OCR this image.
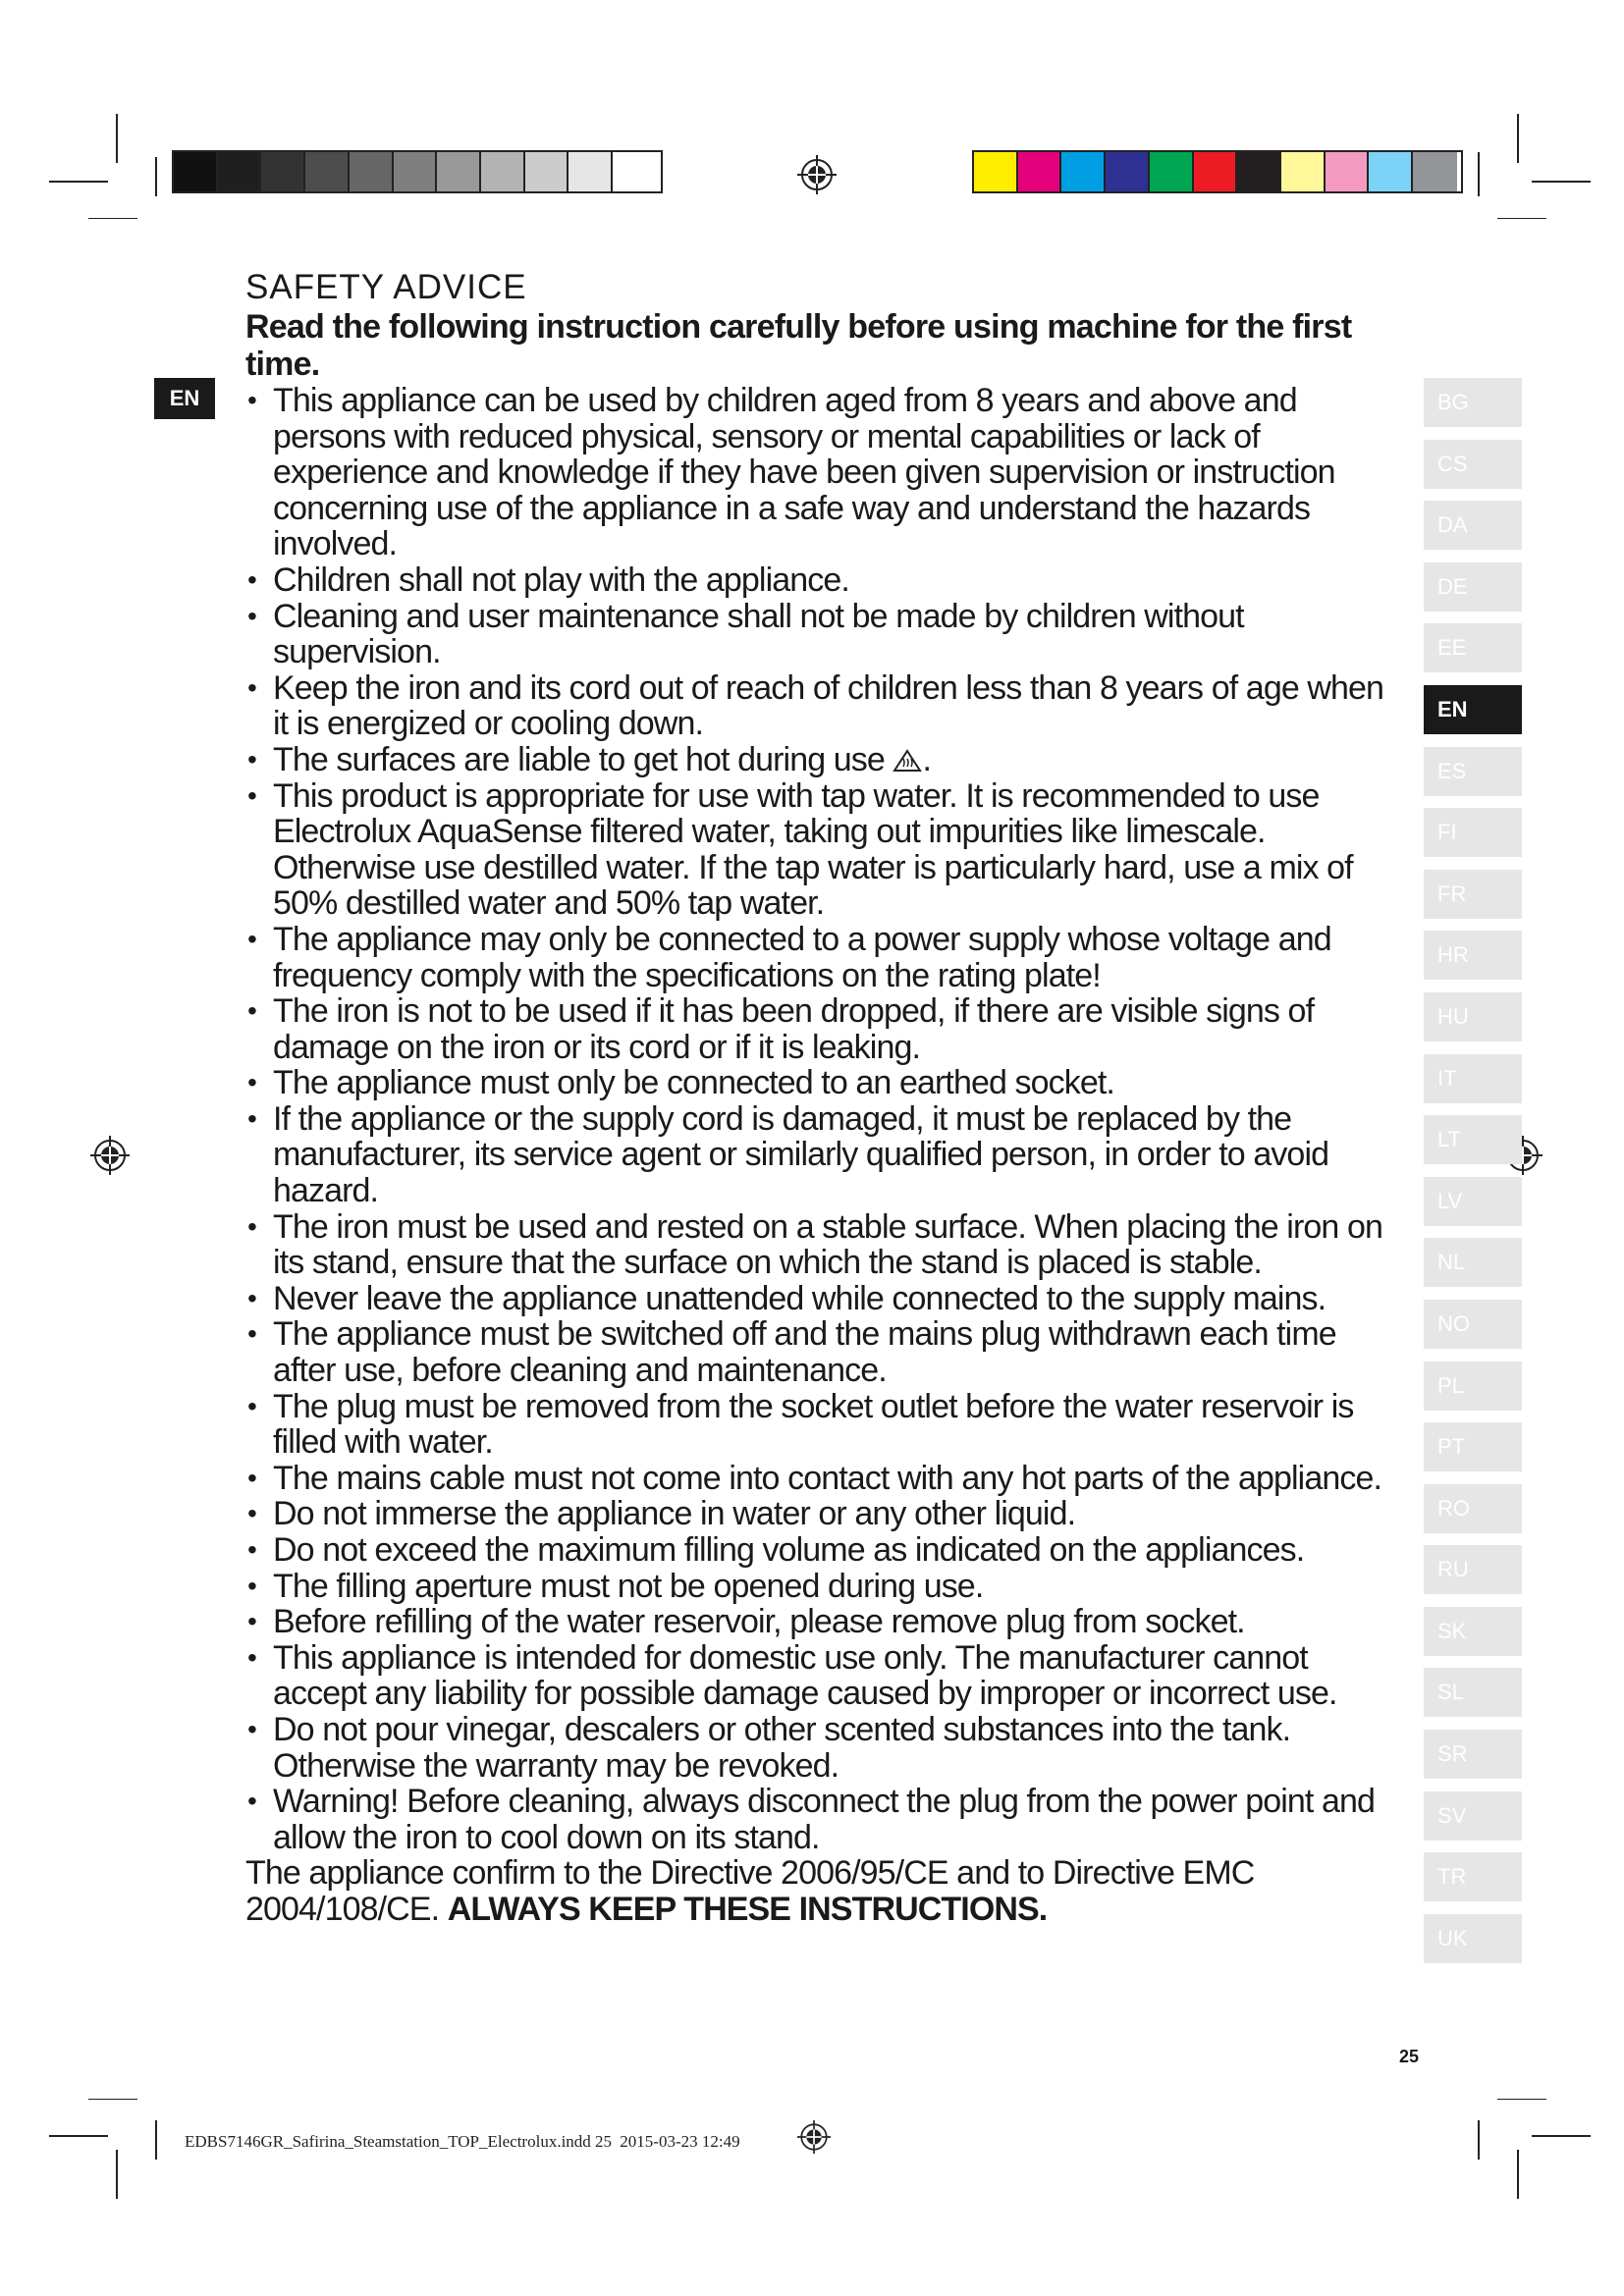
EN	BG
CS
DA
DE
EE
EN
ES
FI
FR
HR
HU
IT
LT
LV
NL
NO
PL
PT
RO
RU
SK
SL
SR
SV
TR
UK
SAFETY ADVICE
Read the following instruction carefully before using machine for the first time.
• This appliance can be used by children aged from 8 years and above and persons with reduced physical, sensory or mental capabilities or lack of experience and knowledge if they have been given supervision or instruction concerning use of the appliance in a safe way and understand the hazards involved.
• Children shall not play with the appliance.
• Cleaning and user maintenance shall not be made by children without supervision.
• Keep the iron and its cord out of reach of children less than 8 years of age when it is energized or cooling down.
• The surfaces are liable to get hot during use .
• This product is appropriate for use with tap water. It is recommended to use Electrolux AquaSense filtered water, taking out impurities like limescale. Otherwise use destilled water. If the tap water is particularly hard, use a mix of 50% destilled water and 50% tap water.
• The appliance may only be connected to a power supply whose voltage and frequency comply with the specifications on the rating plate!
• The iron is not to be used if it has been dropped, if there are visible signs of damage on the iron or its cord or if it is leaking.
• The appliance must only be connected to an earthed socket.
• If the appliance or the supply cord is damaged, it must be replaced by the manufacturer, its service agent or similarly qualified person, in order to avoid hazard.
• The iron must be used and rested on a stable surface. When placing the iron on its stand, ensure that the surface on which the stand is placed is stable.
• Never leave the appliance unattended while connected to the supply mains.
• The appliance must be switched off and the mains plug withdrawn each time after use, before cleaning and maintenance.
• The plug must be removed from the socket outlet before the water reservoir is filled with water.
• The mains cable must not come into contact with any hot parts of the appliance.
• Do not immerse the appliance in water or any other liquid.
• Do not exceed the maximum filling volume as indicated on the appliances.
• The filling aperture must not be opened during use.
• Before refilling of the water reservoir, please remove plug from socket.
• This appliance is intended for domestic use only. The manufacturer cannot accept any liability for possible damage caused by improper or incorrect use.
• Do not pour vinegar, descalers or other scented substances into the tank. Otherwise the warranty may be revoked.
• Warning! Before cleaning, always disconnect the plug from the power point and allow the iron to cool down on its stand.

The appliance confirm to the Directive 2006/95/CE and to Directive EMC 2004/108/CE. ALWAYS KEEP THESE INSTRUCTIONS.

25
EDBS7146GR_Safirina_Steamstation_TOP_Electrolux.indd 25 2015-03-23 12:49
